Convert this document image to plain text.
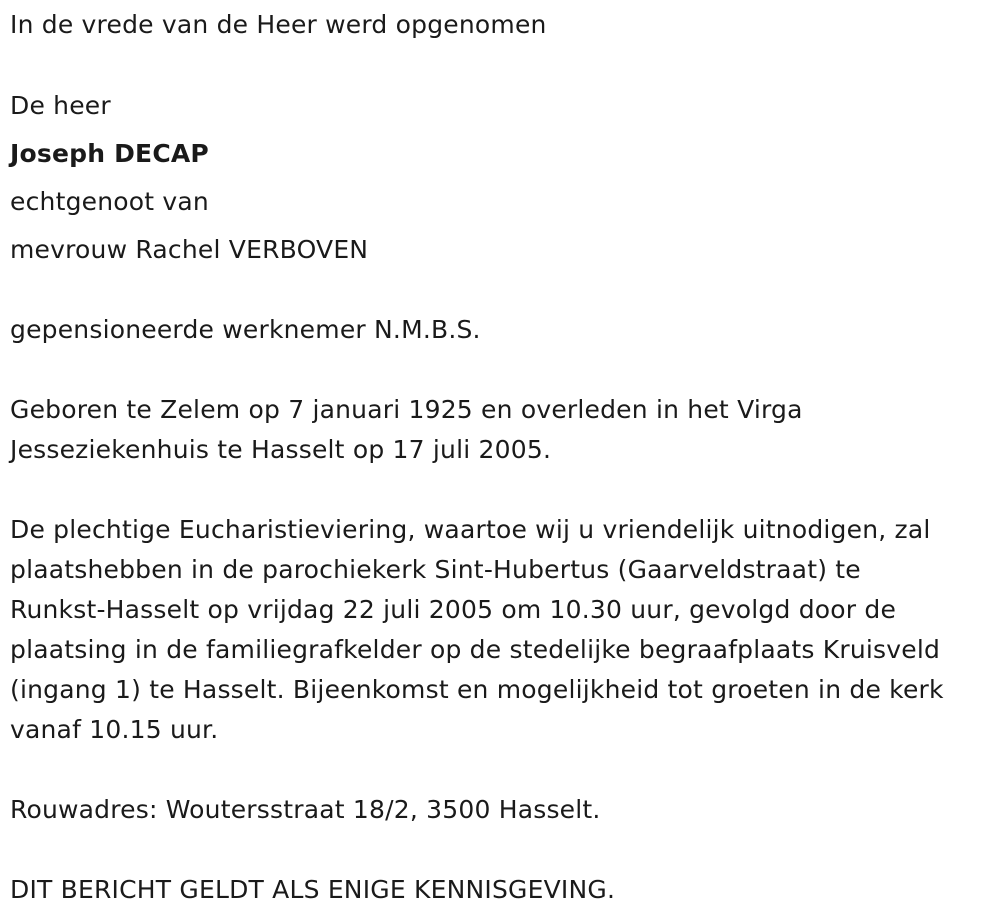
In de vrede van de Heer werd opgenomen
De heer
Joseph DECAP
echtgenoot van
mevrouw Rachel VERBOVEN
gepensioneerde werknemer N.M.B.S.
Geboren te Zelem op 7 januari 1925 en overleden in het Virga
Jesseziekenhuis te Hasselt op 17 juli 2005.
De plechtige Eucharistieviering, waartoe wij u vriendelijk uitnodigen, zal
plaatshebben in de parochiekerk Sint-Hubertus (Gaarveldstraat) te
Runkst-Hasselt op vrijdag 22 juli 2005 om 10.30 uur, gevolgd door de
plaatsing in de familiegrafkelder op de stedelijke begraafplaats Kruisveld
(ingang 1) te Hasselt. Bijeenkomst en mogelijkheid tot groeten in de kerk
vanaf 10.15 uur.
Rouwadres: Woutersstraat 18/2, 3500 Hasselt.
DIT BERICHT GELDT ALS ENIGE KENNISGEVING.
